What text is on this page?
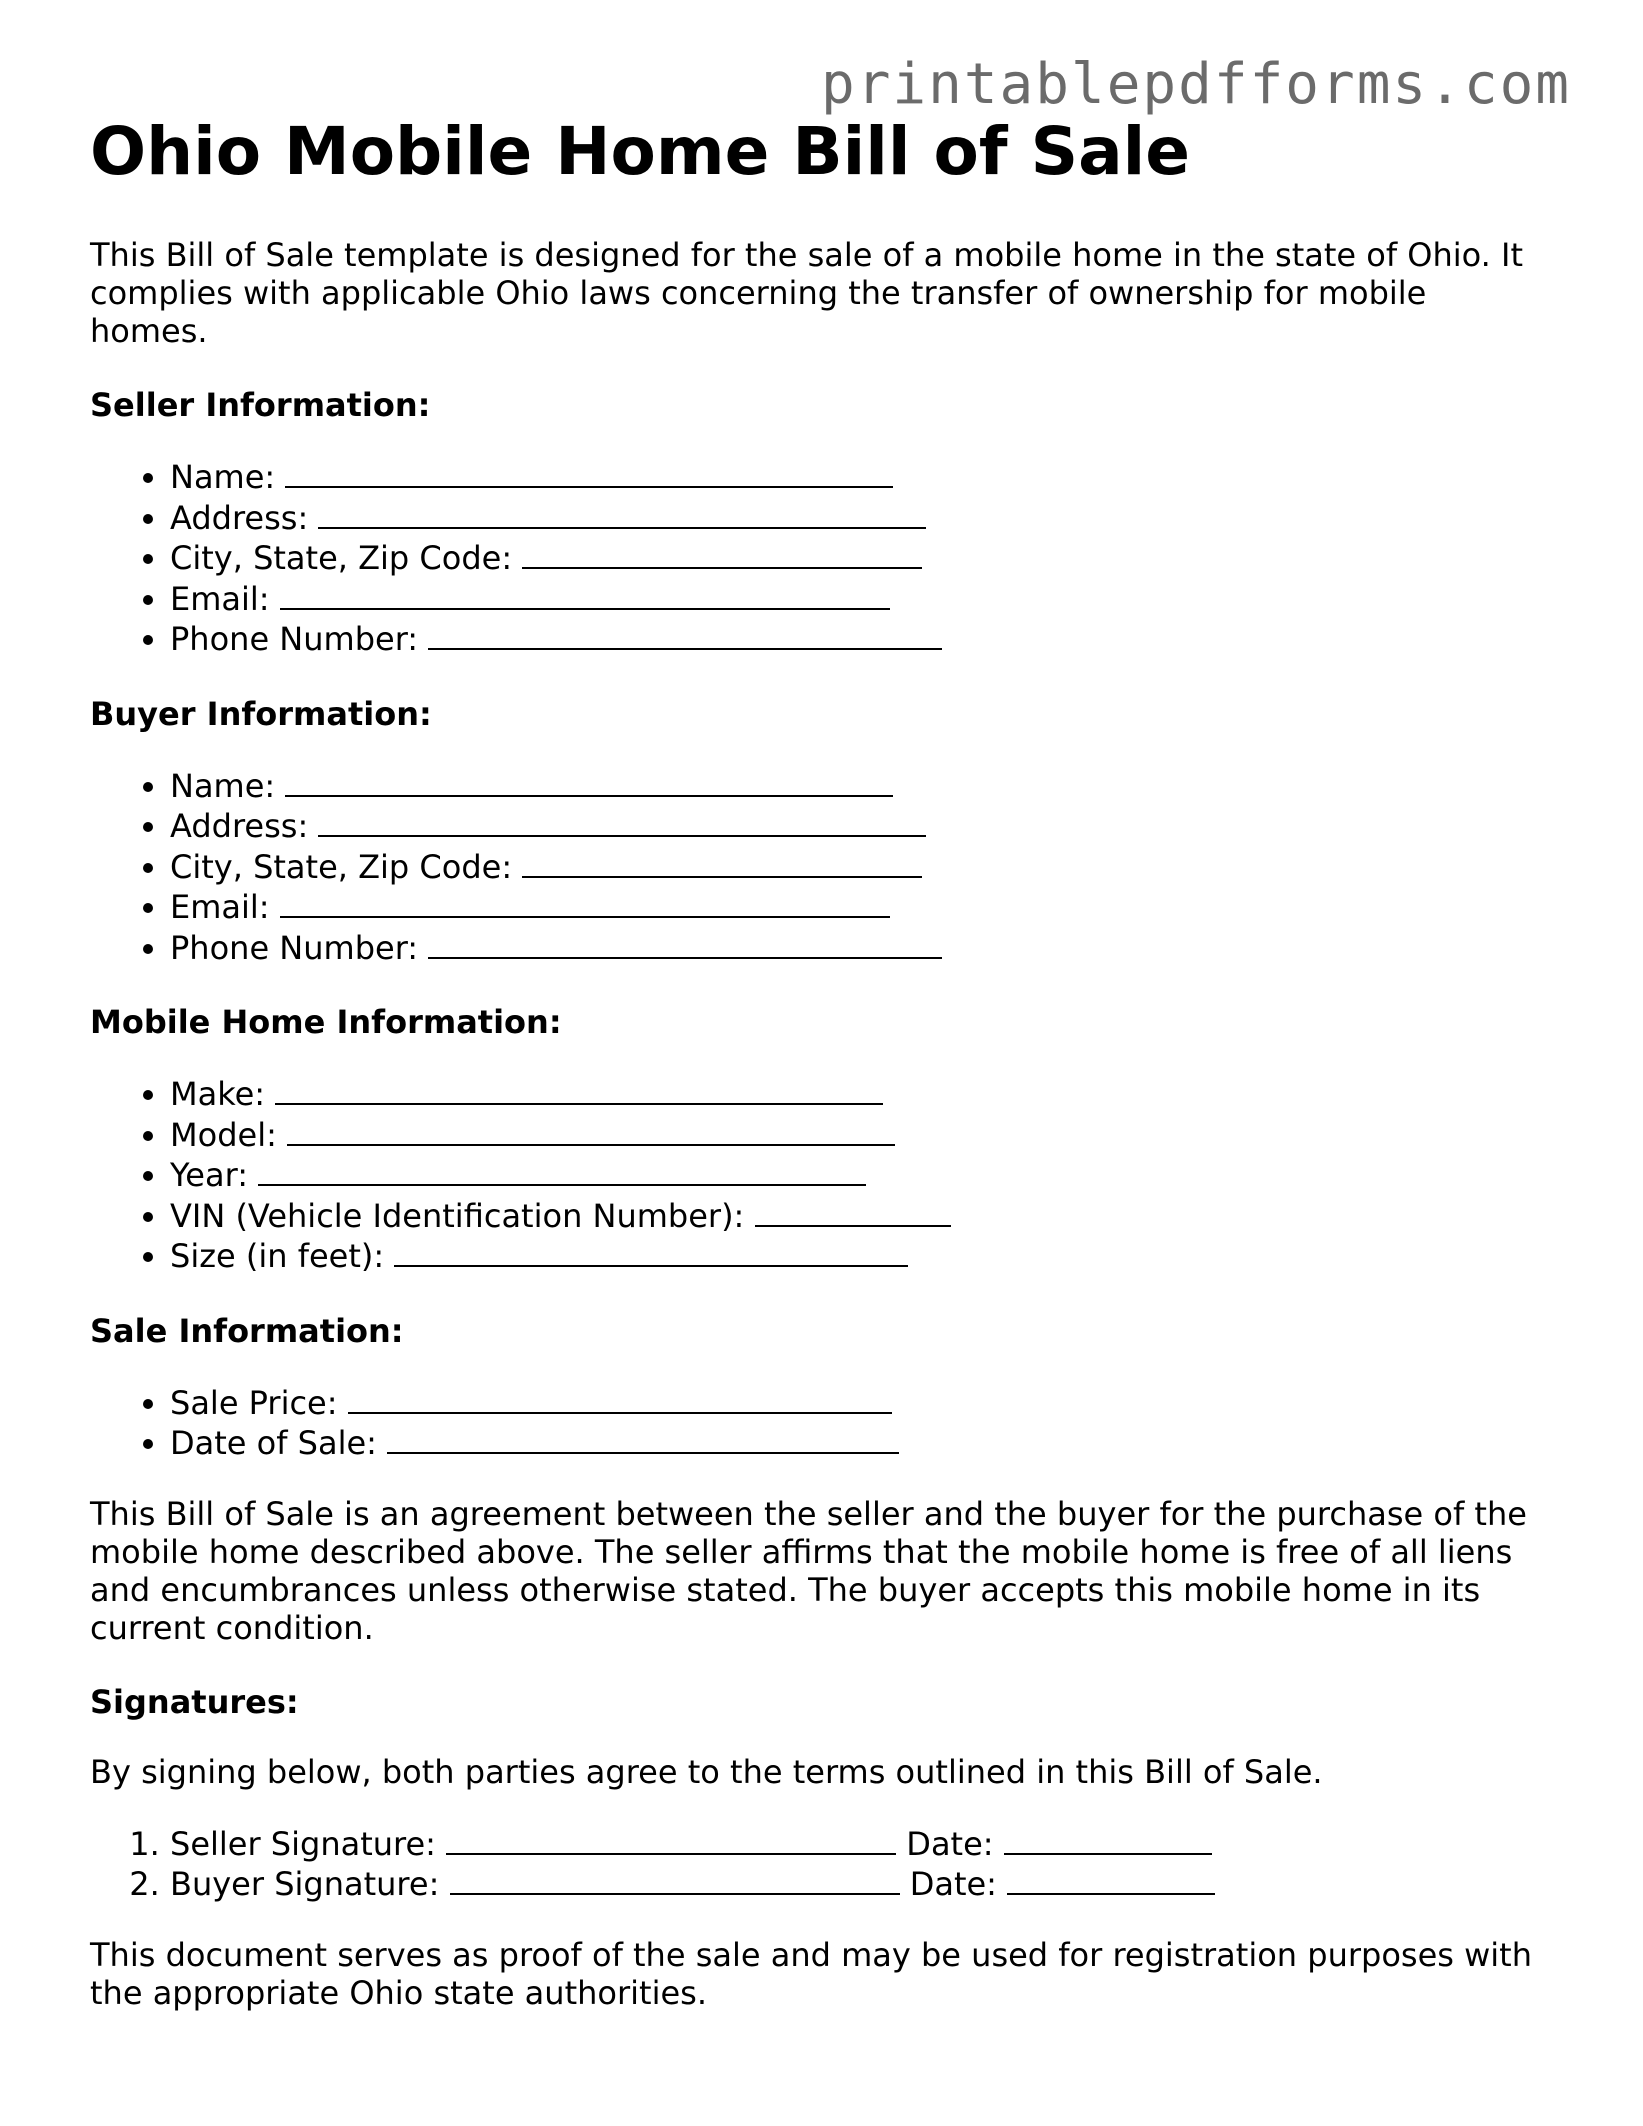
printablepdfforms.com
Ohio Mobile Home Bill of Sale

This Bill of Sale template is designed for the sale of a mobile home in the state of Ohio. It complies with applicable Ohio laws concerning the transfer of ownership for mobile homes.

Seller Information:
• Name:
• Address:
• City, State, Zip Code:
• Email:
• Phone Number:
Buyer Information:
• Name:
• Address:
• City, State, Zip Code:
• Email:
• Phone Number:
Mobile Home Information:
• Make:
• Model:
• Year:
• VIN (Vehicle Identification Number):
• Size (in feet):
Sale Information:
• Sale Price:
• Date of Sale:

This Bill of Sale is an agreement between the seller and the buyer for the purchase of the mobile home described above. The seller affirms that the mobile home is free of all liens and encumbrances unless otherwise stated. The buyer accepts this mobile home in its current condition.

Signatures:

By signing below, both parties agree to the terms outlined in this Bill of Sale.

1. Seller Signature:	Date:
2. Buyer Signature:	Date:

This document serves as proof of the sale and may be used for registration purposes with the appropriate Ohio state authorities.
